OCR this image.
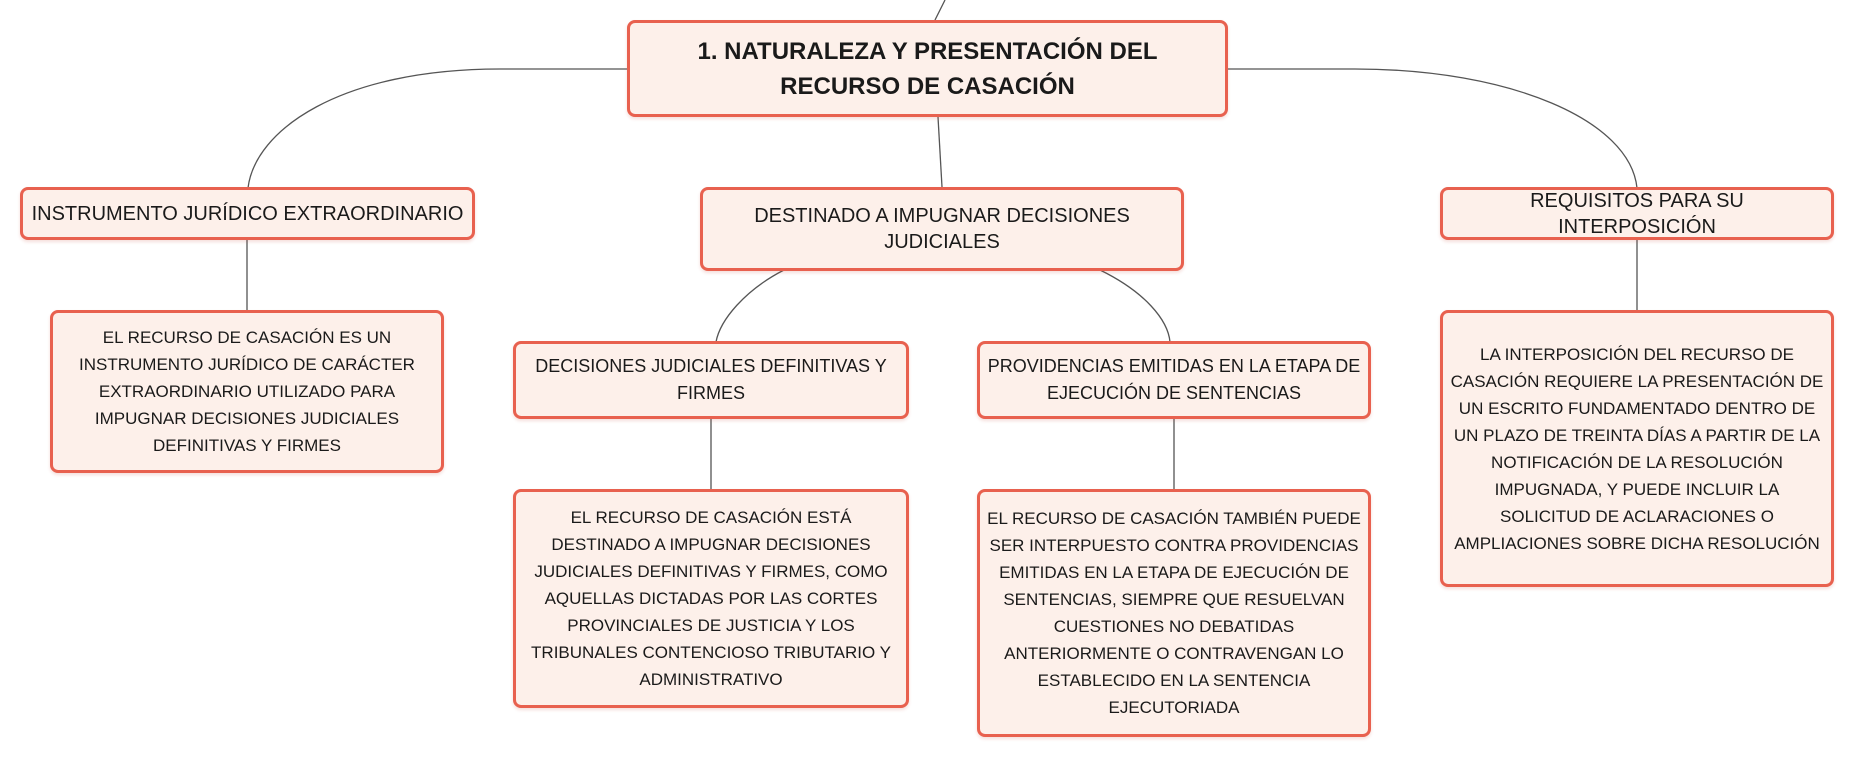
1. NATURALEZA Y PRESENTACIÓN DEL RECURSO DE CASACIÓN
INSTRUMENTO JURÍDICO EXTRAORDINARIO	DESTINADO A IMPUGNAR DECISIONES JUDICIALES
REQUISITOS PARA SU INTERPOSICIÓN
EL RECURSO DE CASACIÓN ES UN INSTRUMENTO JURÍDICO DE CARÁCTER EXTRAORDINARIO UTILIZADO PARA IMPUGNAR DECISIONES JUDICIALES DEFINITIVAS Y FIRMES
DECISIONES JUDICIALES DEFINITIVAS Y FIRMES
PROVIDENCIAS EMITIDAS EN LA ETAPA DE EJECUCIÓN DE SENTENCIAS
EL RECURSO DE CASACIÓN ESTÁ DESTINADO A IMPUGNAR DECISIONES JUDICIALES DEFINITIVAS Y FIRMES, COMO AQUELLAS DICTADAS POR LAS CORTES PROVINCIALES DE JUSTICIA Y LOS TRIBUNALES CONTENCIOSO TRIBUTARIO Y ADMINISTRATIVO
EL RECURSO DE CASACIÓN TAMBIÉN PUEDE SER INTERPUESTO CONTRA PROVIDENCIAS EMITIDAS EN LA ETAPA DE EJECUCIÓN DE SENTENCIAS, SIEMPRE QUE RESUELVAN CUESTIONES NO DEBATIDAS ANTERIORMENTE O CONTRAVENGAN LO ESTABLECIDO EN LA SENTENCIA EJECUTORIADA
LA INTERPOSICIÓN DEL RECURSO DE CASACIÓN REQUIERE LA PRESENTACIÓN DE UN ESCRITO FUNDAMENTADO DENTRO DE UN PLAZO DE TREINTA DÍAS A PARTIR DE LA NOTIFICACIÓN DE LA RESOLUCIÓN IMPUGNADA, Y PUEDE INCLUIR LA SOLICITUD DE ACLARACIONES O AMPLIACIONES SOBRE DICHA RESOLUCIÓN
